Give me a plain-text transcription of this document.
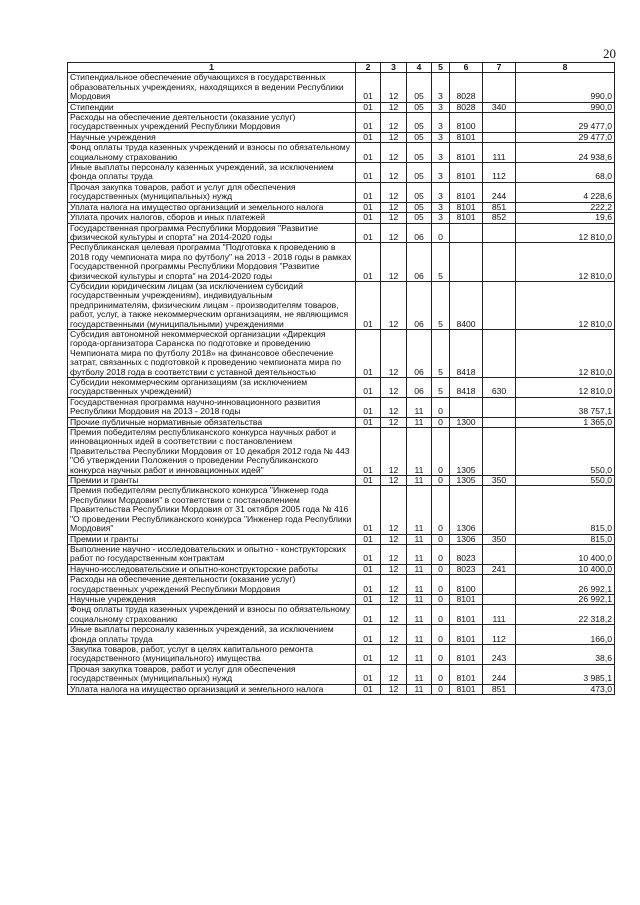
20
1	2	3	4	5	6	7	8
Стипендиальное обеспечение обучающихся в государственных образовательных учреждениях, находящихся в ведении Республики Мордовия	01	12	05	3	8028		990,0
Стипендии	01	12	05	3	8028	340	990,0
Расходы на обеспечение деятельности (оказание услуг) государственных учреждений Республики Мордовия	01	12	05	3	8100		29 477,0
Научные учреждения	01	12	05	3	8101		29 477,0
Фонд оплаты труда казенных учреждений и взносы по обязательному социальному страхованию	01	12	05	3	8101	111	24 938,6
Иные выплаты персоналу казенных учреждений, за исключением фонда оплаты труда	01	12	05	3	8101	112	68,0
Прочая закупка товаров, работ и услуг для обеспечения государственных (муниципальных) нужд	01	12	05	3	8101	244	4 228,6
Уплата налога на имущество организаций и земельного налога	01	12	05	3	8101	851	222,2
Уплата прочих налогов, сборов и иных платежей	01	12	05	3	8101	852	19,6
Государственная программа Республики Мордовия "Развитие физической культуры и спорта" на 2014-2020 годы	01	12	06	0			12 810,0
Республиканская целевая программа "Подготовка к проведению в 2018 году чемпионата мира по футболу" на 2013 - 2018 годы в рамках Государственной программы Республики Мордовия "Развитие физической культуры и спорта" на 2014-2020 годы	01	12	06	5			12 810,0
Субсидии юридическим лицам (за исключением субсидий государственным учреждениям), индивидуальным предпринимателям, физическим лицам - производителям товаров, работ, услуг, а также некоммерческим организациям, не являющимся государственными (муниципальными) учреждениями	01	12	06	5	8400		12 810,0
Субсидия автономной некоммерческой организации «Дирекция города-организатора Саранска по подготовке и проведению Чемпионата мира по футболу 2018» на финансовое обеспечение затрат, связанных с подготовкой к проведению чемпионата мира по футболу 2018 года в соответствии с уставной деятельностью	01	12	06	5	8418		12 810,0
Субсидии некоммерческим организациям (за исключением государственных учреждений)	01	12	06	5	8418	630	12 810,0
Государственная программа научно-инновационного развития Республики Мордовия на 2013 - 2018 годы	01	12	11	0			38 757,1
Прочие публичные нормативные обязательства	01	12	11	0	1300		1 365,0
Премия победителям республиканского конкурса научных работ и инновационных идей в соответствии с постановлением Правительства Республики Мордовия от 10 декабря 2012 года № 443 "Об утверждении Положения о проведении Республиканского конкурса научных работ и инновационных идей"	01	12	11	0	1305		550,0
Премии и гранты	01	12	11	0	1305	350	550,0
Премия победителям республиканского конкурса "Инженер года Республики Мордовия" в соответствии с постановлением Правительства Республики Мордовия от 31 октября 2005 года № 416 "О проведении Республиканского конкурса "Инженер года Республики Мордовия"	01	12	11	0	1306		815,0
Премии и гранты	01	12	11	0	1306	350	815,0
Выполнение научно - исследовательских и опытно - конструкторских работ по государственным контрактам	01	12	11	0	8023		10 400,0
Научно-исследовательские и опытно-конструкторские работы	01	12	11	0	8023	241	10 400,0
Расходы на обеспечение деятельности (оказание услуг) государственных учреждений Республики Мордовия	01	12	11	0	8100		26 992,1
Научные учреждения	01	12	11	0	8101		26 992,1
Фонд оплаты труда казенных учреждений и взносы по обязательному социальному страхованию	01	12	11	0	8101	111	22 318,2
Иные выплаты персоналу казенных учреждений, за исключением фонда оплаты труда	01	12	11	0	8101	112	166,0
Закупка товаров, работ, услуг в целях капитального ремонта государственного (муниципального) имущества	01	12	11	0	8101	243	38,6
Прочая закупка товаров, работ и услуг для обеспечения государственных (муниципальных) нужд	01	12	11	0	8101	244	3 985,1
Уплата налога на имущество организаций и земельного налога	01	12	11	0	8101	851	473,0
